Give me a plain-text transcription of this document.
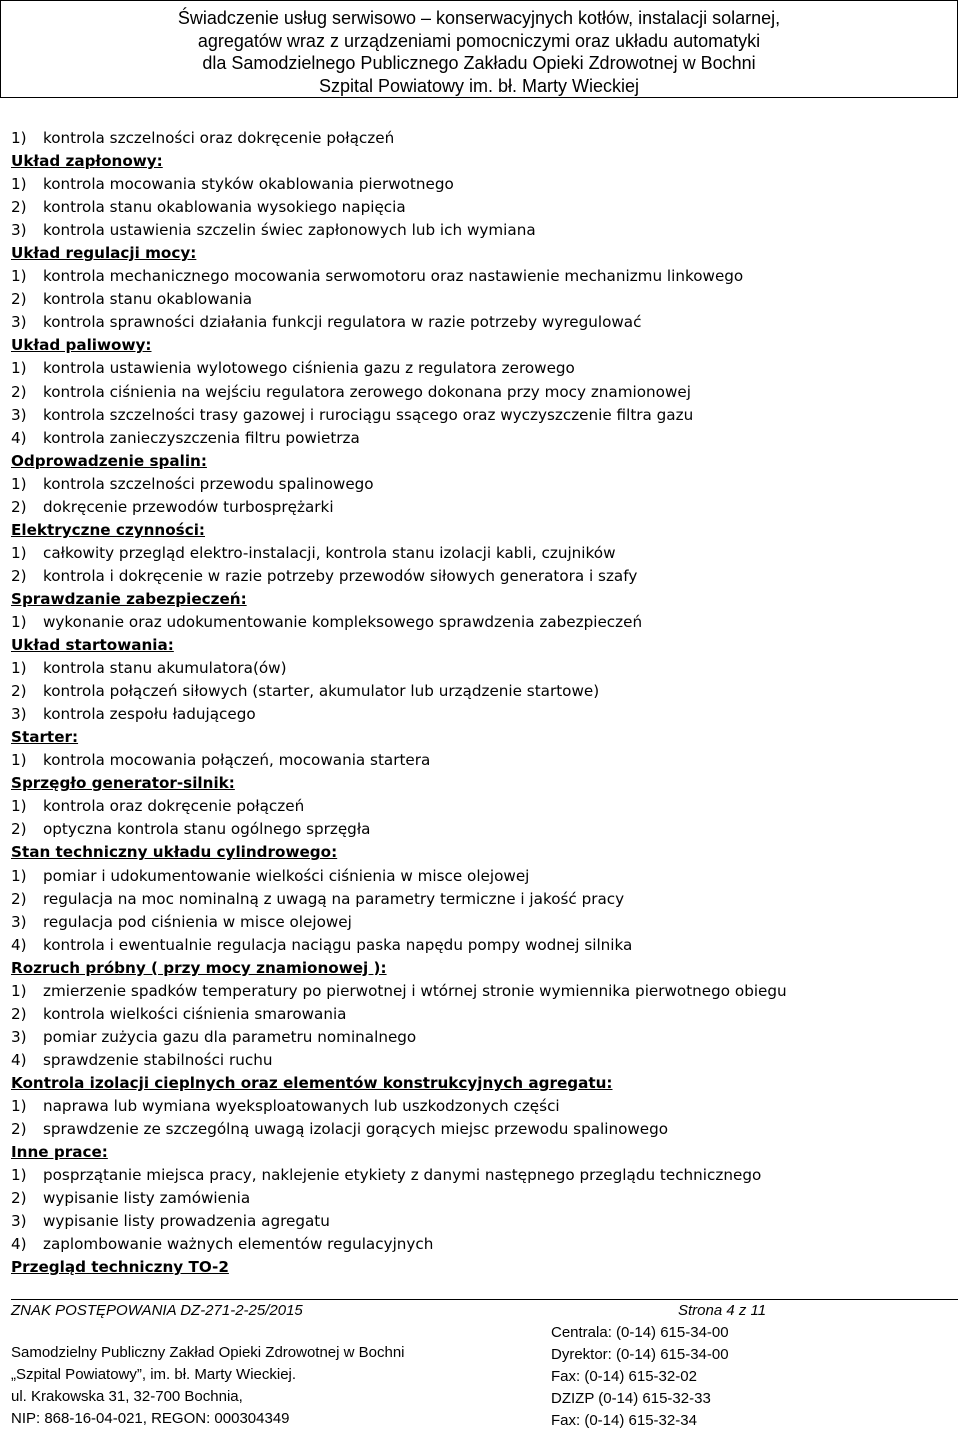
Świadczenie usług serwisowo – konserwacyjnych kotłów, instalacji solarnej,
agregatów wraz z urządzeniami pomocniczymi oraz układu automatyki
dla Samodzielnego Publicznego Zakładu Opieki Zdrowotnej w Bochni
Szpital Powiatowy im. bł. Marty Wieckiej
1)	kontrola szczelności oraz dokręcenie połączeń
Układ zapłonowy:
1)	kontrola mocowania styków okablowania pierwotnego
2)	kontrola stanu okablowania wysokiego napięcia
3)	kontrola ustawienia szczelin świec zapłonowych lub ich wymiana
Układ regulacji mocy:
1)	kontrola mechanicznego mocowania serwomotoru oraz nastawienie mechanizmu linkowego
2)	kontrola stanu okablowania
3)	kontrola sprawności działania funkcji regulatora w razie potrzeby wyregulować
Układ paliwowy:
1)	kontrola ustawienia wylotowego ciśnienia gazu z regulatora zerowego
2)	kontrola ciśnienia na wejściu regulatora zerowego dokonana przy mocy znamionowej
3)	kontrola szczelności trasy gazowej i rurociągu ssącego oraz wyczyszczenie filtra gazu
4)	kontrola zanieczyszczenia filtru powietrza
Odprowadzenie spalin:
1)	kontrola szczelności przewodu spalinowego
2)	dokręcenie przewodów turbosprężarki
Elektryczne czynności:
1)	całkowity przegląd elektro-instalacji, kontrola stanu izolacji kabli, czujników
2)	kontrola i dokręcenie w razie potrzeby przewodów siłowych generatora i szafy
Sprawdzanie zabezpieczeń:
1)	wykonanie oraz udokumentowanie kompleksowego sprawdzenia zabezpieczeń
Układ startowania:
1)	kontrola stanu akumulatora(ów)
2)	kontrola połączeń siłowych (starter, akumulator lub urządzenie startowe)
3)	kontrola zespołu ładującego
Starter:
1)	kontrola mocowania połączeń, mocowania startera
Sprzęgło generator-silnik:
1)	kontrola oraz dokręcenie połączeń
2)	optyczna kontrola stanu ogólnego sprzęgła
Stan techniczny układu cylindrowego:
1)	pomiar i udokumentowanie wielkości ciśnienia w misce olejowej
2)	regulacja na moc nominalną z uwagą na parametry termiczne i jakość pracy
3)	regulacja pod ciśnienia w misce olejowej
4)	kontrola i ewentualnie regulacja naciągu paska napędu pompy wodnej silnika
Rozruch próbny ( przy mocy znamionowej ):
1)	zmierzenie spadków temperatury po pierwotnej i wtórnej stronie wymiennika pierwotnego obiegu
2)	kontrola wielkości ciśnienia smarowania
3)	pomiar zużycia gazu dla parametru nominalnego
4)	sprawdzenie stabilności ruchu
Kontrola izolacji cieplnych oraz elementów konstrukcyjnych agregatu:
1)	naprawa lub wymiana wyeksploatowanych lub uszkodzonych części
2)	sprawdzenie ze szczególną uwagą izolacji gorących miejsc przewodu spalinowego
Inne prace:
1)	posprzątanie miejsca pracy, naklejenie etykiety z danymi następnego przeglądu technicznego
2)	wypisanie listy zamówienia
3)	wypisanie listy prowadzenia agregatu
4)	zaplombowanie ważnych elementów regulacyjnych
Przegląd techniczny TO-2
ZNAK POSTĘPOWANIA DZ-271-2-25/2015	Strona 4 z 11
Samodzielny Publiczny Zakład Opieki Zdrowotnej w Bochni
„Szpital Powiatowy”, im. bł. Marty Wieckiej.
ul. Krakowska 31, 32-700 Bochnia,
NIP: 868-16-04-021, REGON: 000304349
Centrala: (0-14) 615-34-00
Dyrektor: (0-14) 615-34-00
Fax: (0-14) 615-32-02
DZIZP (0-14) 615-32-33
Fax: (0-14) 615-32-34
